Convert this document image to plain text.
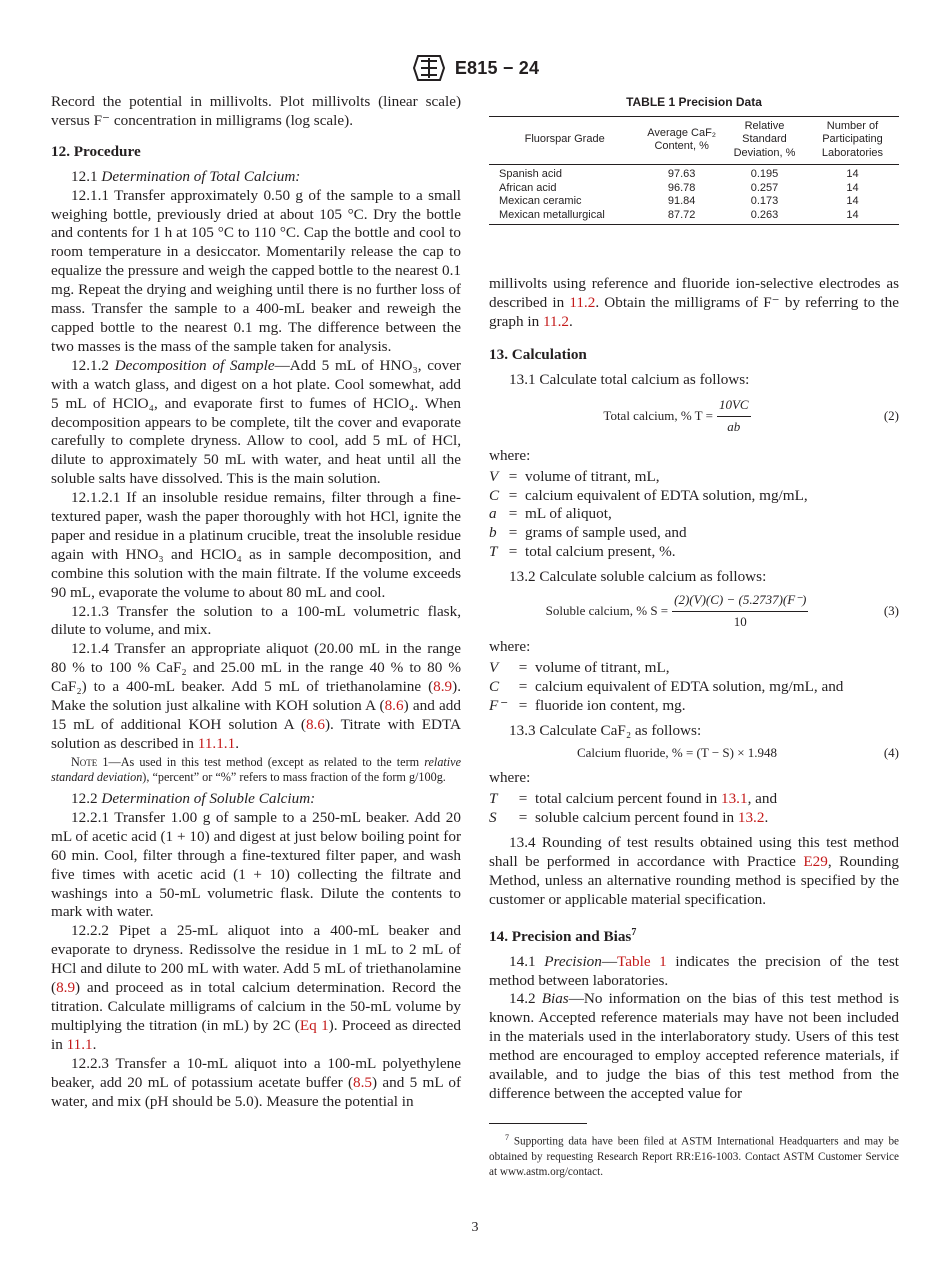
E815 − 24

Record the potential in millivolts. Plot millivolts (linear scale) versus F⁻ concentration in milligrams (log scale).

12. Procedure

12.1 Determination of Total Calcium:

12.1.1 Transfer approximately 0.50 g of the sample to a small weighing bottle, previously dried at about 105 °C. Dry the bottle and contents for 1 h at 105 °C to 110 °C. Cap the bottle and cool to room temperature in a desiccator. Momentarily release the cap to equalize the pressure and weigh the capped bottle to the nearest 0.1 mg. Repeat the drying and weighing until there is no further loss of mass. Transfer the sample to a 400-mL beaker and reweigh the capped bottle to the nearest 0.1 mg. The difference between the two masses is the mass of the sample taken for analysis.

12.1.2 Decomposition of Sample—Add 5 mL of HNO₃, cover with a watch glass, and digest on a hot plate. Cool somewhat, add 5 mL of HClO₄, and evaporate first to fumes of HClO₄. When decomposition appears to be complete, tilt the cover and evaporate carefully to complete dryness. Allow to cool, add 5 mL of HCl, dilute to approximately 50 mL with water, and heat until all the soluble salts have dissolved. This is the main solution.

12.1.2.1 If an insoluble residue remains, filter through a fine-textured paper, wash the paper thoroughly with hot HCl, ignite the paper and residue in a platinum crucible, treat the insoluble residue again with HNO₃ and HClO₄ as in sample decomposition, and combine this solution with the main filtrate. If the volume exceeds 90 mL, evaporate the volume to about 80 mL and cool.

12.1.3 Transfer the solution to a 100-mL volumetric flask, dilute to volume, and mix.

12.1.4 Transfer an appropriate aliquot (20.00 mL in the range 80 % to 100 % CaF₂ and 25.00 mL in the range 40 % to 80 % CaF₂) to a 400-mL beaker. Add 5 mL of triethanolamine (8.9). Make the solution just alkaline with KOH solution A (8.6) and add 15 mL of additional KOH solution A (8.6). Titrate with EDTA solution as described in 11.1.1.

Note 1—As used in this test method (except as related to the term relative standard deviation), “percent” or “%” refers to mass fraction of the form g/100g.

12.2 Determination of Soluble Calcium:

12.2.1 Transfer 1.00 g of sample to a 250-mL beaker. Add 20 mL of acetic acid (1 + 10) and digest at just below boiling point for 60 min. Cool, filter through a fine-textured filter paper, and wash five times with acetic acid (1 + 10) collecting the filtrate and washings into a 50-mL volumetric flask. Dilute the contents to mark with water.

12.2.2 Pipet a 25-mL aliquot into a 400-mL beaker and evaporate to dryness. Redissolve the residue in 1 mL to 2 mL of HCl and dilute to 200 mL with water. Add 5 mL of triethanolamine (8.9) and proceed as in total calcium determination. Record the titration. Calculate milligrams of calcium in the 50-mL volume by multiplying the titration (in mL) by 2C (Eq 1). Proceed as directed in 11.1.

12.2.3 Transfer a 10-mL aliquot into a 100-mL polyethylene beaker, add 20 mL of potassium acetate buffer (8.5) and 5 mL of water, and mix (pH should be 5.0). Measure the potential in

TABLE 1 Precision Data
Fluorspar Grade	Average CaF₂ Content, %	Relative Standard Deviation, %	Number of Participating Laboratories
Spanish acid	97.63	0.195	14
African acid	96.78	0.257	14
Mexican ceramic	91.84	0.173	14
Mexican metallurgical	87.72	0.263	14

millivolts using reference and fluoride ion-selective electrodes as described in 11.2. Obtain the milligrams of F⁻ by referring to the graph in 11.2.

13. Calculation

13.1 Calculate total calcium as follows:

Total calcium, % $T = \frac{10VC}{ab}$	(2)

where:

V = volume of titrant, mL,
C = calcium equivalent of EDTA solution, mg/mL,
a = mL of aliquot,
b = grams of sample used, and
T = total calcium present, %.

13.2 Calculate soluble calcium as follows:

Soluble calcium, % $S = \frac{(2)(V)(C) - (5.2737)(F^-)}{10}$	(3)

where:

V	= volume of titrant, mL,
C	= calcium equivalent of EDTA solution, mg/mL, and
F⁻ = fluoride ion content, mg.

13.3 Calculate CaF₂ as follows:

Calcium fluoride, % = (T − S) × 1.948	(4)

where:

T	= total calcium percent found in 13.1, and
S	= soluble calcium percent found in 13.2.

13.4 Rounding of test results obtained using this test method shall be performed in accordance with Practice E29, Rounding Method, unless an alternative rounding method is specified by the customer or applicable material specification.

14. Precision and Bias$^7$

14.1 Precision—Table 1 indicates the precision of the test method between laboratories.

14.2 Bias—No information on the bias of this test method is known. Accepted reference materials may have not been included in the materials used in the interlaboratory study. Users of this test method are encouraged to employ accepted reference materials, if available, and to judge the bias of this test method from the difference between the accepted value for

$^7$ Supporting data have been filed at ASTM International Headquarters and may be obtained by requesting Research Report RR:E16-1003. Contact ASTM Customer Service at www.astm.org/contact.

3
